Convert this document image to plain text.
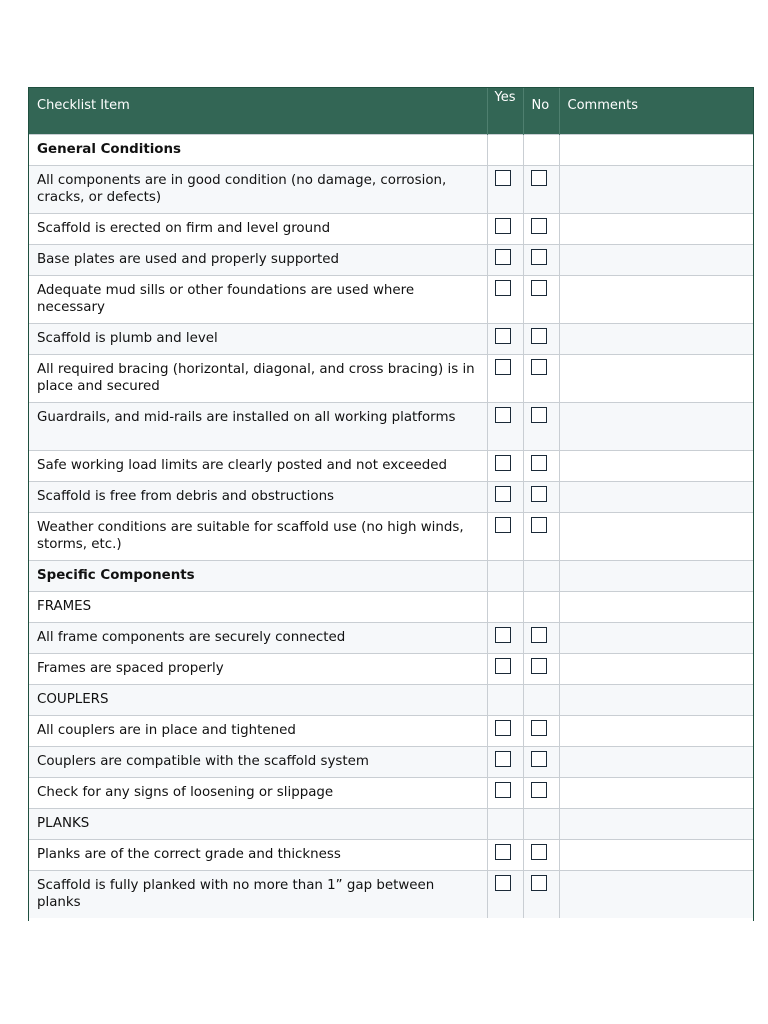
Checklist Item	Yes	No	Comments
General Conditions			
All components are in good condition (no damage, corrosion, cracks, or defects)			
Scaffold is erected on firm and level ground			
Base plates are used and properly supported			
Adequate mud sills or other foundations are used where necessary			
Scaffold is plumb and level			
All required bracing (horizontal, diagonal, and cross bracing) is in place and secured			
Guardrails, and mid-rails are installed on all working platforms			
Safe working load limits are clearly posted and not exceeded			
Scaffold is free from debris and obstructions			
Weather conditions are suitable for scaffold use (no high winds, storms, etc.)			
Specific Components			
FRAMES			
All frame components are securely connected			
Frames are spaced properly			
COUPLERS			
All couplers are in place and tightened			
Couplers are compatible with the scaffold system			
Check for any signs of loosening or slippage			
PLANKS			
Planks are of the correct grade and thickness			
Scaffold is fully planked with no more than 1” gap between planks			
